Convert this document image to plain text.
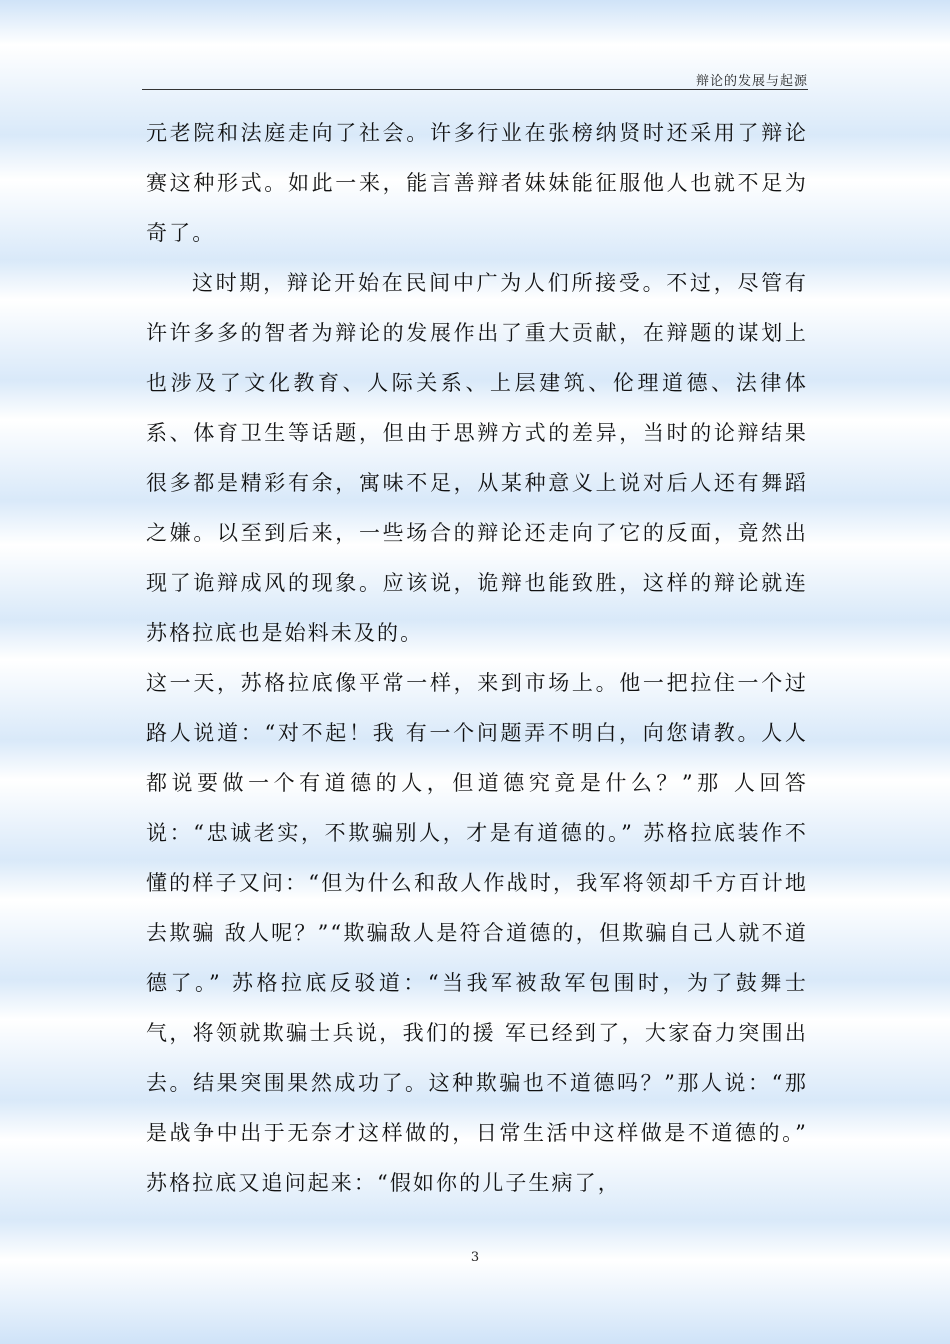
辩论的发展与起源

元老院和法庭走向了社会。许多行业在张榜纳贤时还采用了辩论赛这种形式。如此一来，能言善辩者妹妹能征服他人也就不足为奇了。

这时期，辩论开始在民间中广为人们所接受。不过，尽管有许许多多的智者为辩论的发展作出了重大贡献，在辩题的谋划上也涉及了文化教育、人际关系、上层建筑、伦理道德、法律体系、体育卫生等话题，但由于思辨方式的差异，当时的论辩结果很多都是精彩有余，寓味不足，从某种意义上说对后人还有舞蹈之嫌。以至到后来，一些场合的辩论还走向了它的反面，竟然出现了诡辩成风的现象。应该说，诡辩也能致胜，这样的辩论就连苏格拉底也是始料未及的。

这一天，苏格拉底像平常一样，来到市场上。他一把拉住一个过路人说道：“对不起！我 有一个问题弄不明白，向您请教。人人都说要做一个有道德的人，但道德究竟是什么？”那 人回答说：“忠诚老实，不欺骗别人，才是有道德的。” 苏格拉底装作不懂的样子又问：“但为什么和敌人作战时，我军将领却千方百计地去欺骗 敌人呢？”“欺骗敌人是符合道德的，但欺骗自己人就不道德了。” 苏格拉底反驳道：“当我军被敌军包围时，为了鼓舞士气，将领就欺骗士兵说，我们的援 军已经到了，大家奋力突围出去。结果突围果然成功了。这种欺骗也不道德吗？”那人说：“那是战争中出于无奈才这样做的，日常生活中这样做是不道德的。” 苏格拉底又追问起来：“假如你的儿子生病了，

3
